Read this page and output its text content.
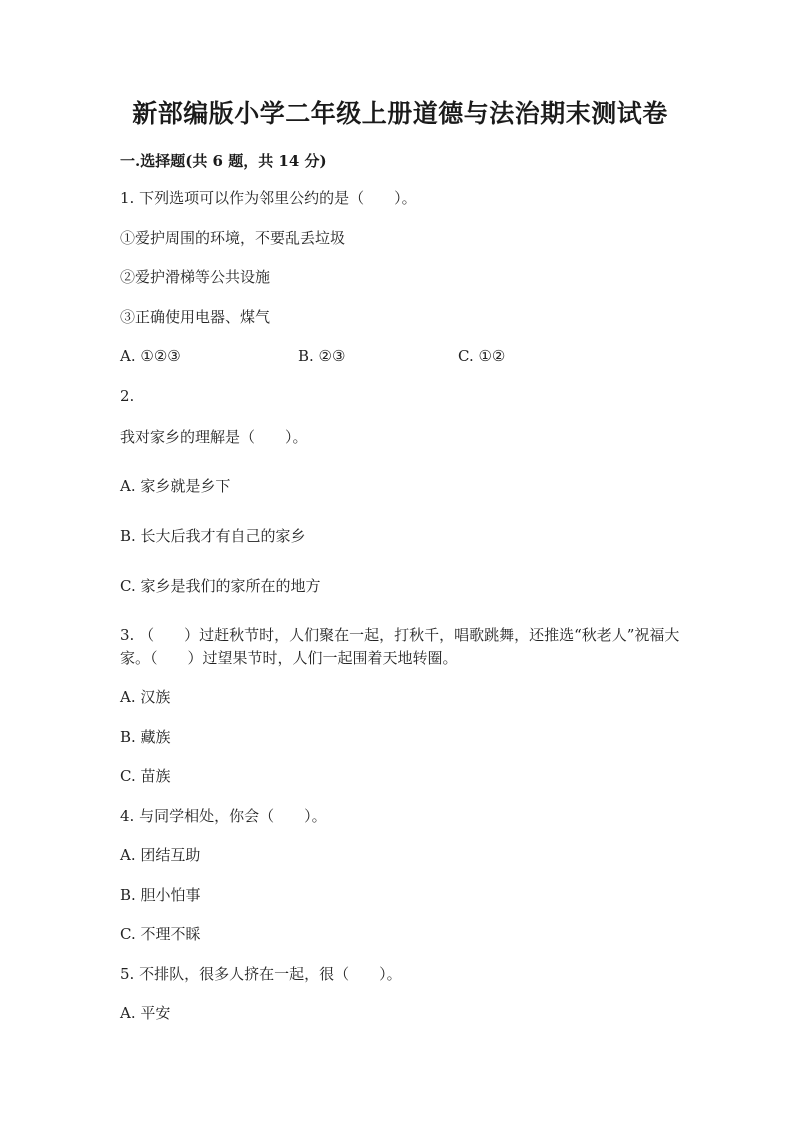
新部编版小学二年级上册道德与法治期末测试卷
一.选择题(共 6 题，共 14 分)
1. 下列选项可以作为邻里公约的是（　　）。
①爱护周围的环境，不要乱丢垃圾
②爱护滑梯等公共设施
③正确使用电器、煤气
A. ①②③	B. ②③	C. ①②
2.
我对家乡的理解是（　　）。
A. 家乡就是乡下
B. 长大后我才有自己的家乡
C. 家乡是我们的家所在的地方
3. （　　）过赶秋节时，人们聚在一起，打秋千，唱歌跳舞，还推选“秋老人”祝福大家。（　　）过望果节时，人们一起围着天地转圈。
A. 汉族
B. 藏族
C. 苗族
4. 与同学相处，你会（　　）。
A. 团结互助
B. 胆小怕事
C. 不理不睬
5. 不排队，很多人挤在一起，很（　　）。
A. 平安
